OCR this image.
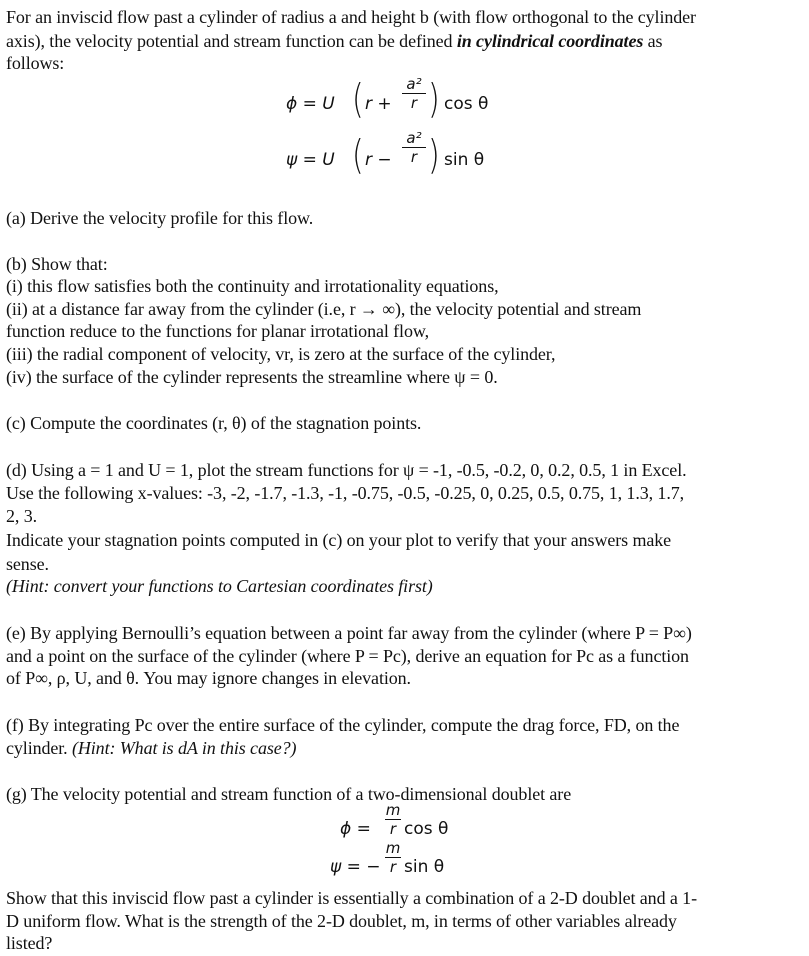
For an inviscid flow past a cylinder of radius a and height b (with flow orthogonal to the cylinder
axis), the velocity potential and stream function can be defined in cylindrical coordinates as
follows:
ϕ = U ( r +
a²
r ) cos θ
ψ = U ( r −
a²
r ) sin θ
(a) Derive the velocity profile for this flow.
(b) Show that:
(i) this flow satisfies both the continuity and irrotationality equations,
(ii) at a distance far away from the cylinder (i.e, r → ∞), the velocity potential and stream
function reduce to the functions for planar irrotational flow,
(iii) the radial component of velocity, vr, is zero at the surface of the cylinder,
(iv) the surface of the cylinder represents the streamline where ψ = 0.
(c) Compute the coordinates (r, θ) of the stagnation points.
(d) Using a = 1 and U = 1, plot the stream functions for ψ = -1, -0.5, -0.2, 0, 0.2, 0.5, 1 in Excel.
Use the following x-values: -3, -2, -1.7, -1.3, -1, -0.75, -0.5, -0.25, 0, 0.25, 0.5, 0.75, 1, 1.3, 1.7,
2, 3.
Indicate your stagnation points computed in (c) on your plot to verify that your answers make
sense.
(Hint: convert your functions to Cartesian coordinates first)
(e) By applying Bernoulli’s equation between a point far away from the cylinder (where P = P∞)
and a point on the surface of the cylinder (where P = Pc), derive an equation for Pc as a function
of P∞, ρ, U, and θ. You may ignore changes in elevation.
(f) By integrating Pc over the entire surface of the cylinder, compute the drag force, FD, on the
cylinder. (Hint: What is dA in this case?)
(g) The velocity potential and stream function of a two-dimensional doublet are
ϕ =
m
r cos θ
ψ = −
m
r sin θ
Show that this inviscid flow past a cylinder is essentially a combination of a 2-D doublet and a 1-
D uniform flow. What is the strength of the 2-D doublet, m, in terms of other variables already
listed?
